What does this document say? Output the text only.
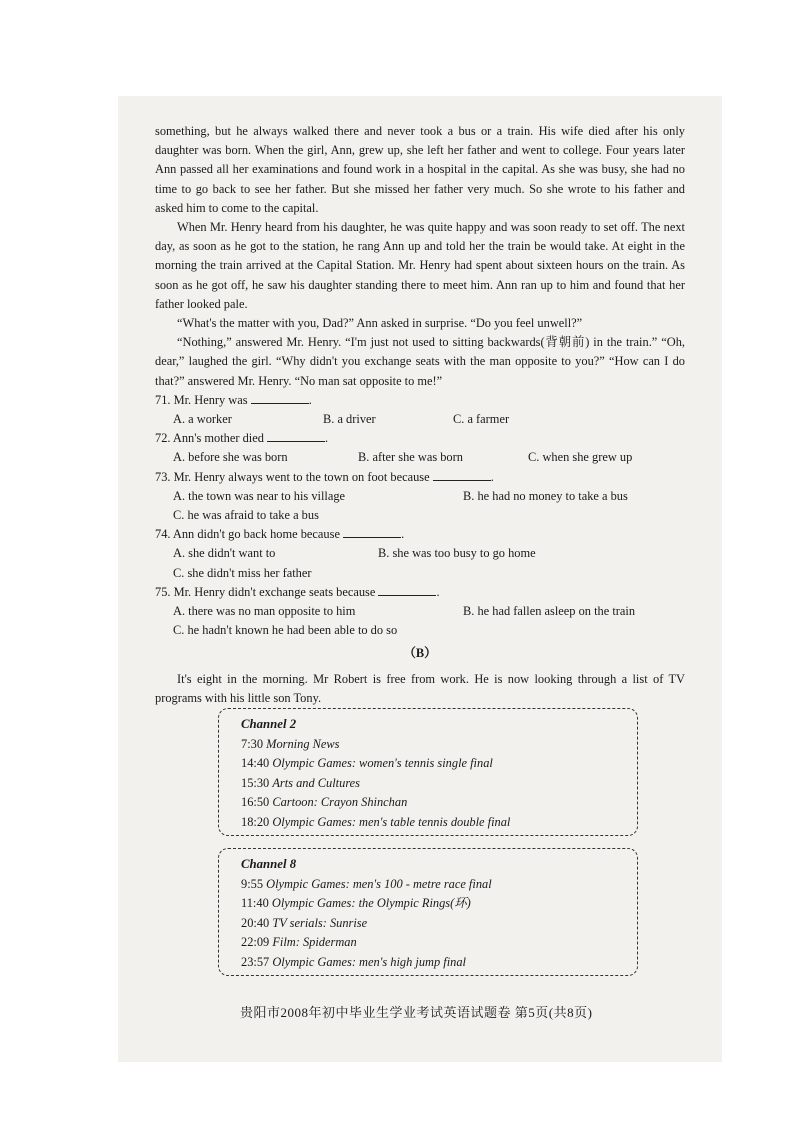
something, but he always walked there and never took a bus or a train. His wife died after his only daughter was born. When the girl, Ann, grew up, she left her father and went to college. Four years later Ann passed all her examinations and found work in a hospital in the capital. As she was busy, she had no time to go back to see her father. But she missed her father very much. So she wrote to his father and asked him to come to the capital.

When Mr. Henry heard from his daughter, he was quite happy and was soon ready to set off. The next day, as soon as he got to the station, he rang Ann up and told her the train be would take. At eight in the morning the train arrived at the Capital Station. Mr. Henry had spent about sixteen hours on the train. As soon as he got off, he saw his daughter standing there to meet him. Ann ran up to him and found that her father looked pale.

“What's the matter with you, Dad?” Ann asked in surprise. “Do you feel unwell?”

“Nothing,” answered Mr. Henry. “I'm just not used to sitting backwards(背朝前) in the train.” “Oh, dear,” laughed the girl. “Why didn't you exchange seats with the man opposite to you?” “How can I do that?” answered Mr. Henry. “No man sat opposite to me!”

71. Mr. Henry was	.

A. a worker	B. a driver	C. a farmer

72. Ann's mother died	.

A. before she was born	B. after she was born	C. when she grew up

73. Mr. Henry always went to the town on foot because	.

A. the town was near to his village	B. he had no money to take a bus

C. he was afraid to take a bus

74. Ann didn't go back home because	.

A. she didn't want to	B. she was too busy to go home

C. she didn't miss her father

75. Mr. Henry didn't exchange seats because	.

A. there was no man opposite to him	B. he had fallen asleep on the train

C. he hadn't known he had been able to do so

（B）

It's eight in the morning. Mr Robert is free from work. He is now looking through a list of TV programs with his little son Tony.

Channel 2

7:30 Morning News

14:40 Olympic Games: women's tennis single final

15:30 Arts and Cultures

16:50 Cartoon: Crayon Shinchan

18:20 Olympic Games: men's table tennis double final

Channel 8

9:55 Olympic Games: men's 100 - metre race final

11:40 Olympic Games: the Olympic Rings(环)

20:40 TV serials: Sunrise

22:09 Film: Spiderman

23:57 Olympic Games: men's high jump final

贵阳市2008年初中毕业生学业考试英语试题卷 第5页(共8页)
